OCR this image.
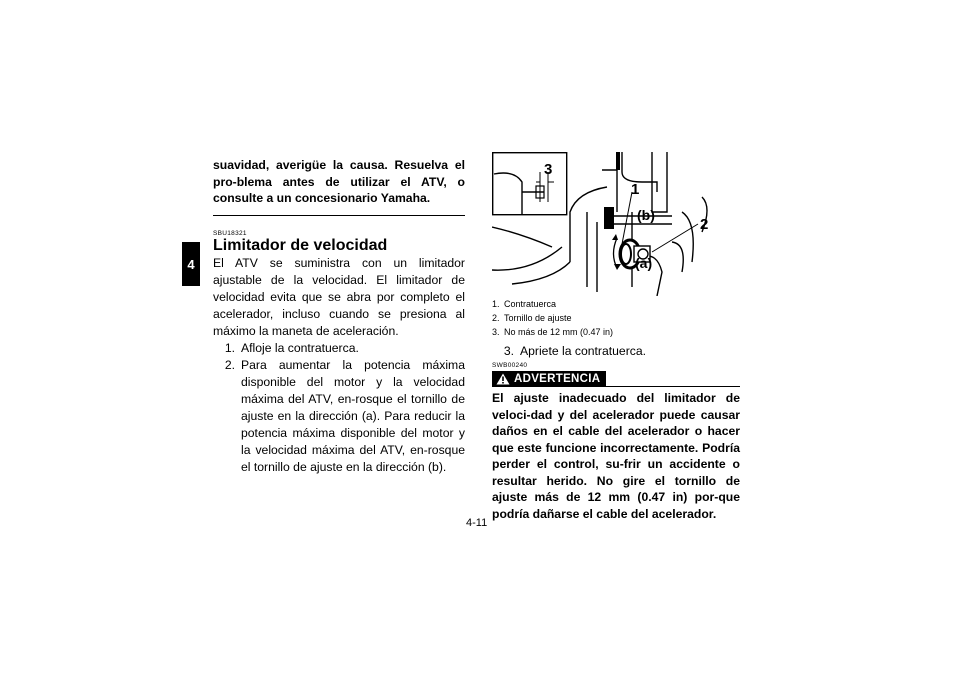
4

suavidad, averigüe la causa. Resuelva el pro-blema antes de utilizar el ATV, o consulte a un concesionario Yamaha.

SBU18321
Limitador de velocidad

El ATV se suministra con un limitador ajustable de la velocidad. El limitador de velocidad evita que se abra por completo el acelerador, incluso cuando se presiona al máximo la maneta de aceleración.

1. Afloje la contratuerca.
2. Para aumentar la potencia máxima disponible del motor y la velocidad máxima del ATV, en-rosque el tornillo de ajuste en la dirección (a). Para reducir la potencia máxima disponible del motor y la velocidad máxima del ATV, en-rosque el tornillo de ajuste en la dirección (b).
3
1
(b)
2
(a)
1. Contratuerca
2. Tornillo de ajuste
3. No más de 12 mm (0.47 in)
3. Apriete la contratuerca.
SWB00240
ADVERTENCIA
El ajuste inadecuado del limitador de veloci-dad y del acelerador puede causar daños en el cable del acelerador o hacer que este funcione incorrectamente. Podría perder el control, su-frir un accidente o resultar herido. No gire el tornillo de ajuste más de 12 mm (0.47 in) por-que podría dañarse el cable del acelerador.
4-11
